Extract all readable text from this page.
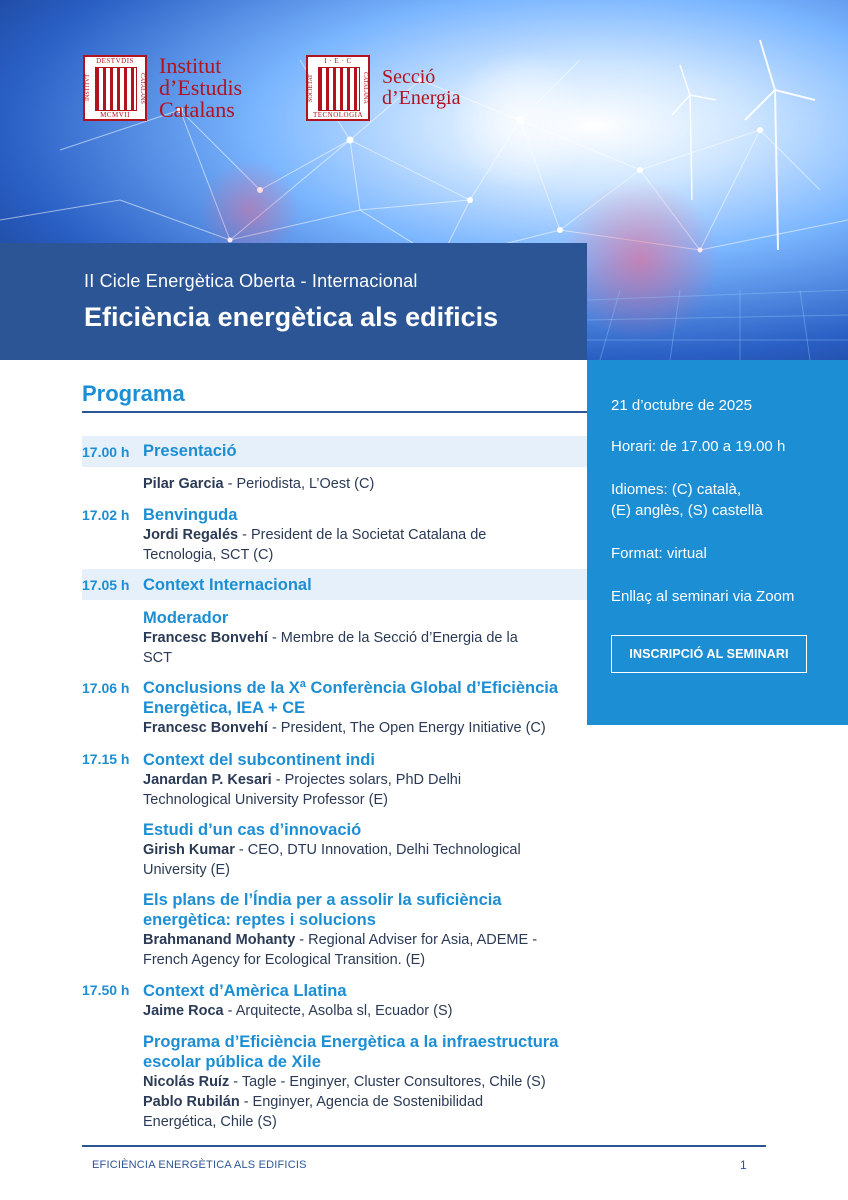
DESTVDIS
INSTITVT	CATALANS
MCMVII
Institut
d’Estudis
Catalans
I · E · C
SOCIETAT	CATALANA
TECNOLOGIA
Secció
d’Energia
II Cicle Energètica Oberta - Internacional
Eficiència energètica als edificis
21 d’octubre de 2025
Horari: de 17.00 a 19.00 h
Idiomes: (C) català,
(E) anglès, (S) castellà
Format: virtual
Enllaç al seminari via Zoom
INSCRIPCIÓ AL SEMINARI
Programa
17.00 h Presentació
Pilar Garcia - Periodista, L’Oest (C)
17.02 h Benvinguda
Jordi Regalés - President de la Societat Catalana de
Tecnologia, SCT (C)
17.05 h Context Internacional
Moderador
Francesc Bonvehí - Membre de la Secció d’Energia de la
SCT
17.06 h Conclusions de la Xª Conferència Global d’Eficiència
Energètica, IEA + CE
Francesc Bonvehí - President, The Open Energy Initiative (C)
17.15 h Context del subcontinent indi
Janardan P. Kesari - Projectes solars, PhD Delhi
Technological University Professor (E)
Estudi d’un cas d’innovació
Girish Kumar - CEO, DTU Innovation, Delhi Technological
University (E)
Els plans de l’Índia per a assolir la suficiència
energètica: reptes i solucions
Brahmanand Mohanty - Regional Adviser for Asia, ADEME -
French Agency for Ecological Transition. (E)
17.50 h Context d’Amèrica Llatina
Jaime Roca - Arquitecte, Asolba sl, Ecuador (S)
Programa d’Eficiència Energètica a la infraestructura
escolar pública de Xile
Nicolás Ruíz - Tagle - Enginyer, Cluster Consultores, Chile (S)
Pablo Rubilán - Enginyer, Agencia de Sostenibilidad
Energética, Chile (S)
EFICIÈNCIA ENERGÈTICA ALS EDIFICIS	1
